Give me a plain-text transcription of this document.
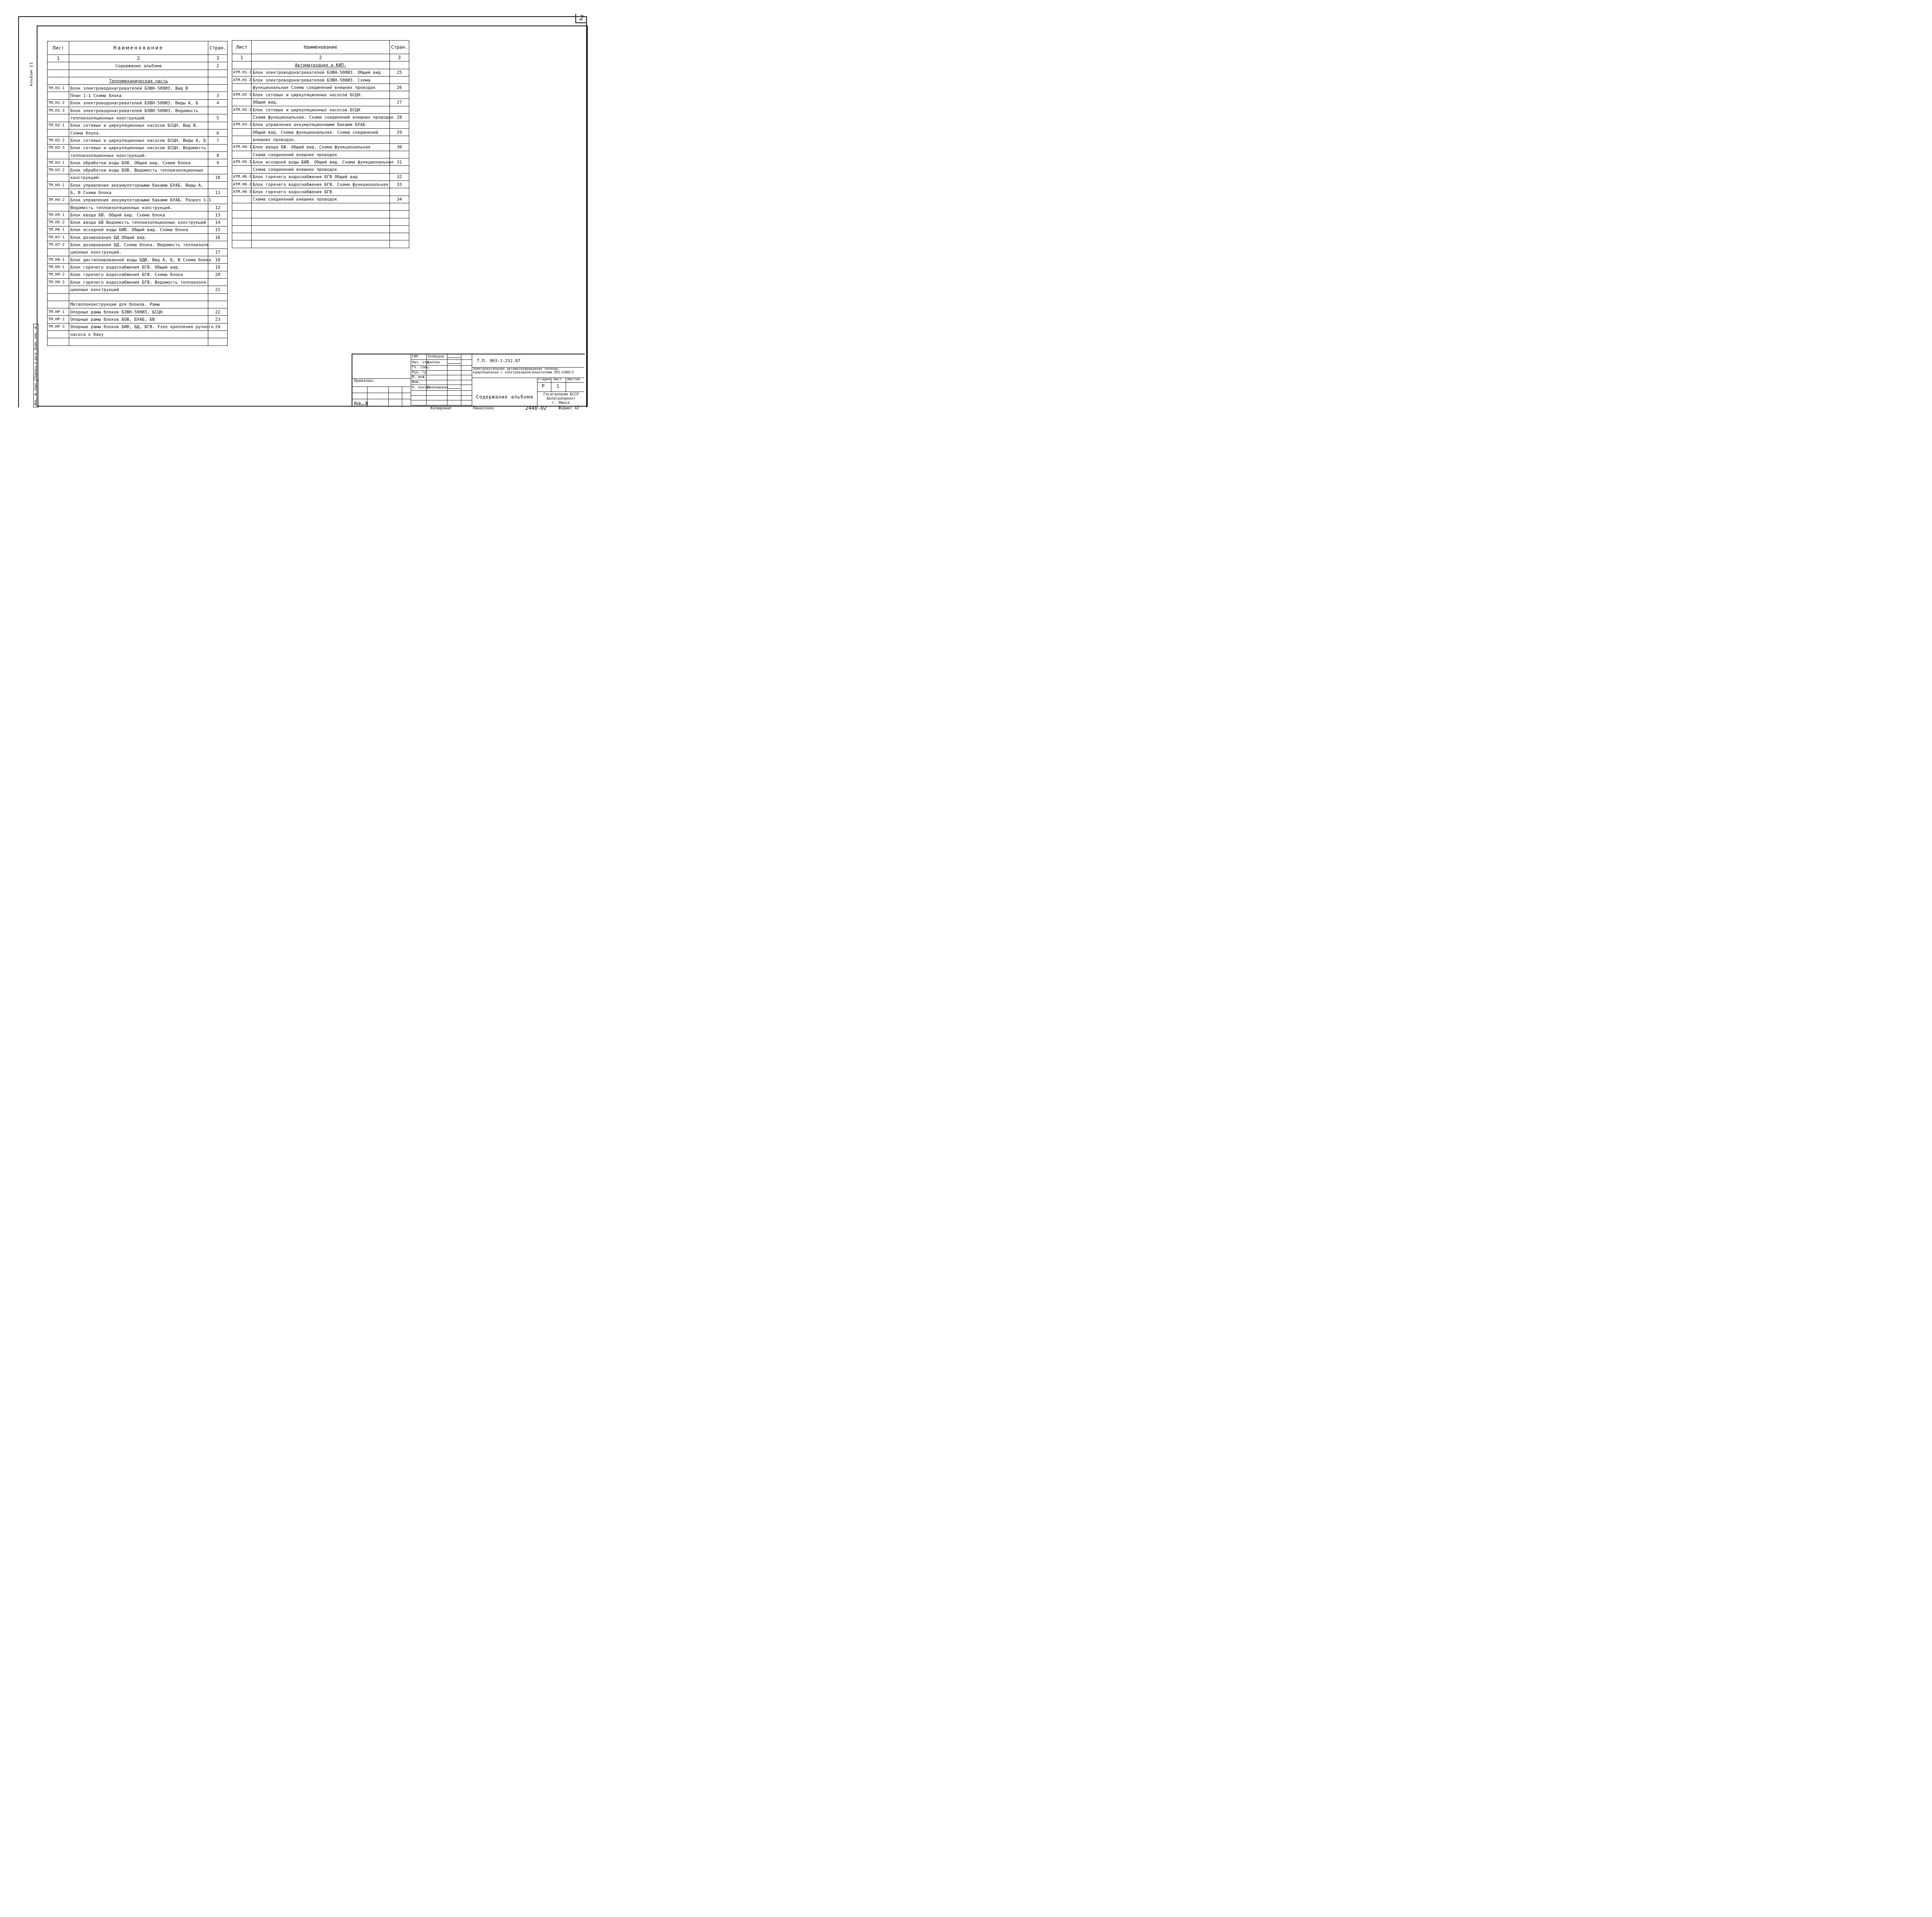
2
Альбом II
Инв. № подл.
Подпись и дата
Взам. инв. №
Лист	Наименование	Стран.
1	2	3
	Содержание альбома	2

	Тепломеханическая часть	
ТМ.Н1-1	Блок электроводонагревателей БЭВН-500ИЗ. Вид В	
	План 1-1 Схема блока	3
ТМ.Н1-2	Блок электроводонагревателей БЭВН-500ИЗ. Виды А, Б	4
ТМ.Н1-3	Блок электроводонагревателей БЭВН-500ИЗ. Ведомость	
	теплоизоляционных конструкций	5
ТМ.Н2-1	Блок сетевых и циркуляционных насосов БСЦН. Вид В.	
	Схема блока.	6
ТМ.Н2-2	Блок сетевых и циркуляционных насосов БСЦН. Виды А, Б	7
ТМ.Н2-3	Блок сетевых и циркуляционных насосов БСЦН. Ведомость	
	теплоизоляционных конструкций.	8
ТМ.Н3-1	Блок обработки воды БОВ. Общий вид. Схема блока	9
ТМ.Н3-2	Блок обработки воды БОВ. Ведомость теплоизоляционных	
	конструкций.	10
ТМ.Н4-1	Блок управления аккумуляторными баками БУАБ. Виды А,	
	Б, В Схема блока	11
ТМ.Н4-2	Блок управления аккумуляторными баками БУАБ. Разрез 1-1	
	Ведомость теплоизоляционных конструкций.	12
ТМ.Н5-1	Блок ввода БВ. Общий вид. Схема блока	13
ТМ.Н5-2	Блок ввода БВ Ведомость теплоизоляционных конструкций	14
ТМ.Н6-1	Блок исходной воды БИВ. Общий вид. Схема блока	15
ТМ.Н7-1	Блок дозирования БД Общий вид.	16
ТМ.Н7-2	Блок дозирования БД. Схема блока. Ведомость теплоизоля-	
	ционных конструкций.	17
ТМ.Н8-1	Блок дистиллированной воды БДВ. Вид А, Б, В Схема блока	18
ТМ.Н9-1	Блок горячего водоснабжения БГВ. Общий вид.	19
ТМ.Н9-2	Блок горячего водоснабжения БГВ. Схема блока	20
ТМ.Н9-3	Блок горячего водоснабжения БГВ. Ведомость теплоизоля-	
	ционных конструкций	21

	Металлоконструкции для блоков. Рамы	
ТМ.НР-1	Опорные рамы блоков БЭВН-500ИЗ, БСЦН	22
ТМ.НР-2	Опорные рамы блоков БОВ, БУАБ, БВ	23
ТМ.НР-3	Опорные рамы блоков БИВ, БД, БГВ. Узел крепления ручного	24
	насоса к баку	

Лист	Наименование	Стран.
1	2	3
	Автоматизация и КИП.	
АТМ.Н1-1	Блок электроводонагревателей БЭВН-500ИЗ. Общий вид	25
АТМ.Н1-2	Блок электроводонагревателей БЭВН-500ИЗ. Схема	
	функциональная Схема соединений внешних проводок	26
АТМ.Н2-1	Блок сетевых и циркуляционных насосов БСЦН.	
	Общий вид.	27
АТМ.Н2-2	Блок сетевых и циркуляционных насосов БСЦН	
	Схема функциональная. Схема соединений внешних проводок	28
АТМ.Н3-1	Блок управления аккумуляционными баками БУАБ	
	Общий вид. Схема функциональная. Схема соединений	29
	внешних проводок.	
АТМ.Н4-1	Блок ввода БВ. Общий вид. Схема функциональная	30
	Схема соединений внешних проводок	
АТМ.Н5-1	Блок исходной воды БИВ. Общий вид. Схема функциональная	31
	Схема соединений внешних проводок	
АТМ.Н6-1	Блок горячего водоснабжения БГВ Общий вид	32
АТМ.Н6-2	Блок горячего водоснабжения БГВ. Схема функциональная	33
АТМ.Н6-3	Блок горячего водоснабжения БГВ	
	Схема соединений внешних проводок	34

Привязан:
Инв. №
ГИП	Злоберов		
Нач. отд.	Каплан		
Гл. спец.			
Рук. гр.			
В. инж.			
Инж.			
Н. контр.	Микляшевич		

Т.П. 903-1-252.87
Электрокотельная автоматизированная теплоак-кумуляционная с электроводонагревателями ЭПЗ-6300/3
Содержание альбома
Стадия Лист Листов
Р	1
Госагропром БССР
Белагропроект
г. Минск
Копировал	Панасенко	2440-02	Формат А2
